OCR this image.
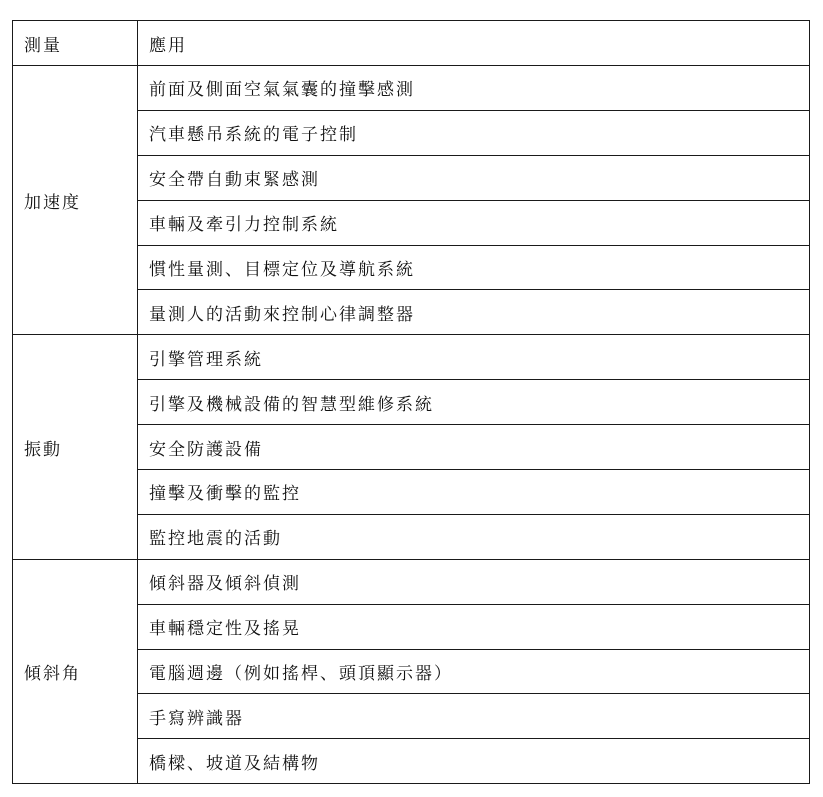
測量	應用
加速度	前面及側面空氣氣囊的撞擊感測
	汽車懸吊系統的電子控制
	安全帶自動束緊感測
	車輛及牽引力控制系統
	慣性量測、目標定位及導航系統
	量測人的活動來控制心律調整器
振動	引擎管理系統
	引擎及機械設備的智慧型維修系統
	安全防護設備
	撞擊及衝擊的監控
	監控地震的活動
傾斜角	傾斜器及傾斜偵測
	車輛穩定性及搖晃
	電腦週邊（例如搖桿、頭頂顯示器）
	手寫辨識器
	橋樑、坡道及結構物
